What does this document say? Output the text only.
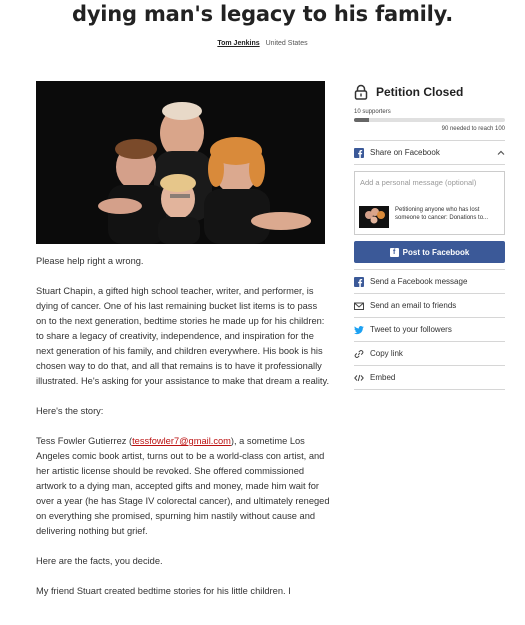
dying man's legacy to his family.
Tom Jenkins United States

Please help right a wrong.

Stuart Chapin, a gifted high school teacher, writer, and performer, is dying of cancer. One of his last remaining bucket list items is to pass on to the next generation, bedtime stories he made up for his children: to share a legacy of creativity, independence, and inspiration for the next generation of his family, and children everywhere. His book is his chosen way to do that, and all that remains is to have it professionally illustrated. He's asking for your assistance to make that dream a reality.

Here's the story:

Tess Fowler Gutierrez (tessfowler7@gmail.com), a sometime Los Angeles comic book artist, turns out to be a world-class con artist, and her artistic license should be revoked. She offered commissioned artwork to a dying man, accepted gifts and money, made him wait for over a year (he has Stage IV colorectal cancer), and ultimately reneged on everything she promised, spurning him nastily without cause and delivering nothing but grief.

Here are the facts, you decide.

My friend Stuart created bedtime stories for his little children. I

Petition Closed
10 supporters
90 needed to reach 100
Share on Facebook
Add a personal message (optional)
Petitioning anyone who has lost someone to cancer: Donations to...
f Post to Facebook
Send a Facebook message
Send an email to friends
Tweet to your followers
Copy link
Embed
